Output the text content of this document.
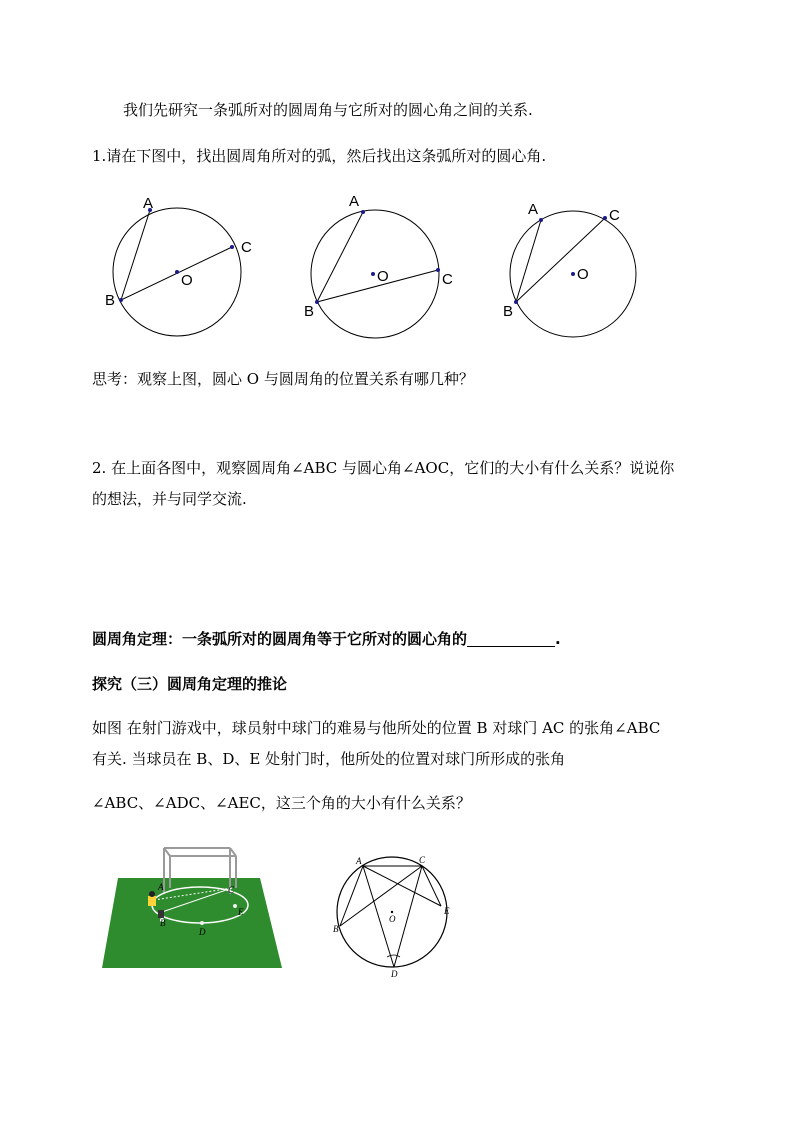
我们先研究一条弧所对的圆周角与它所对的圆心角之间的关系.
1.请在下图中，找出圆周角所对的弧，然后找出这条弧所对的圆心角.
A
B
C
O
A
B
C
O
A
B
C
O
思考：观察上图，圆心 O 与圆周角的位置关系有哪几种？
2. 在上面各图中，观察圆周角∠ABC 与圆心角∠AOC，它们的大小有什么关系？说说你
的想法，并与同学交流.
圆周角定理：一条弧所对的圆周角等于它所对的圆心角的	.
探究（三）圆周角定理的推论
如图 在射门游戏中，球员射中球门的难易与他所处的位置 B 对球门 AC 的张角∠ABC
有关. 当球员在 B、D、E 处射门时，他所处的位置对球门所形成的张角
∠ABC、∠ADC、∠AEC，这三个角的大小有什么关系？
A	C
B
D
E
A	C
B
D
E
O
